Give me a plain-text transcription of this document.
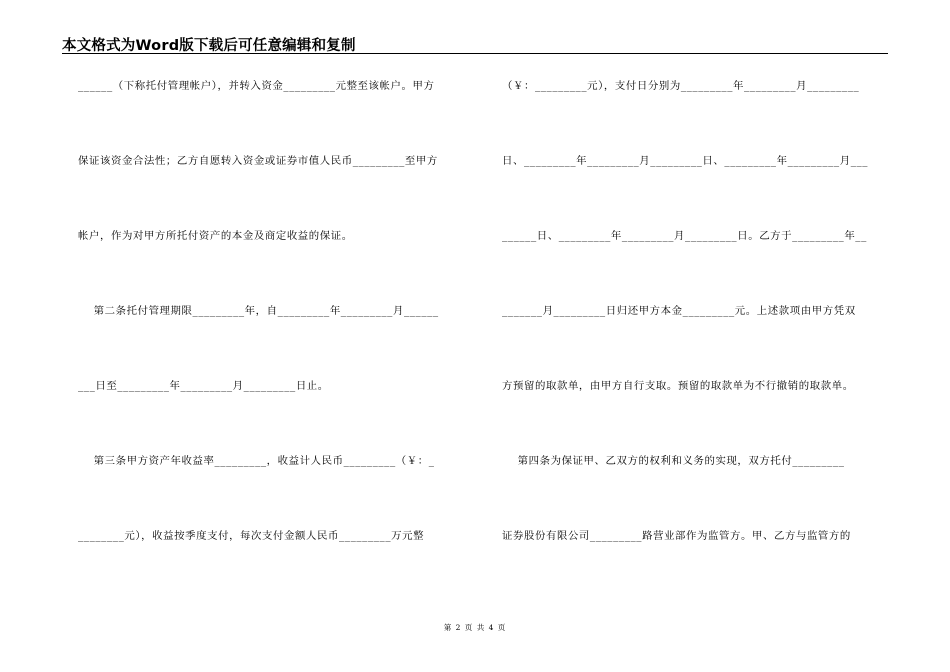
本文格式为Word版下载后可任意编辑和复制
______（下称托付管理帐户），并转入资金_________元整至该帐户。甲方
保证该资金合法性；乙方自愿转入资金或证券市值人民币_________至甲方
帐户，作为对甲方所托付资产的本金及商定收益的保证。
第二条托付管理期限_________年，自_________年_________月______
___日至_________年_________月_________日止。
第三条甲方资产年收益率_________，收益计人民币_________（￥：_
________元），收益按季度支付，每次支付金额人民币_________万元整
（￥：_________元），支付日分别为_________年_________月_________
日、_________年_________月_________日、_________年_________月___
______日、_________年_________月_________日。乙方于_________年__
_______月_________日归还甲方本金_________元。上述款项由甲方凭双
方预留的取款单，由甲方自行支取。预留的取款单为不行撤销的取款单。
第四条为保证甲、乙双方的权利和义务的实现，双方托付_________
证券股份有限公司_________路营业部作为监管方。甲、乙方与监管方的
第 2 页 共 4 页
